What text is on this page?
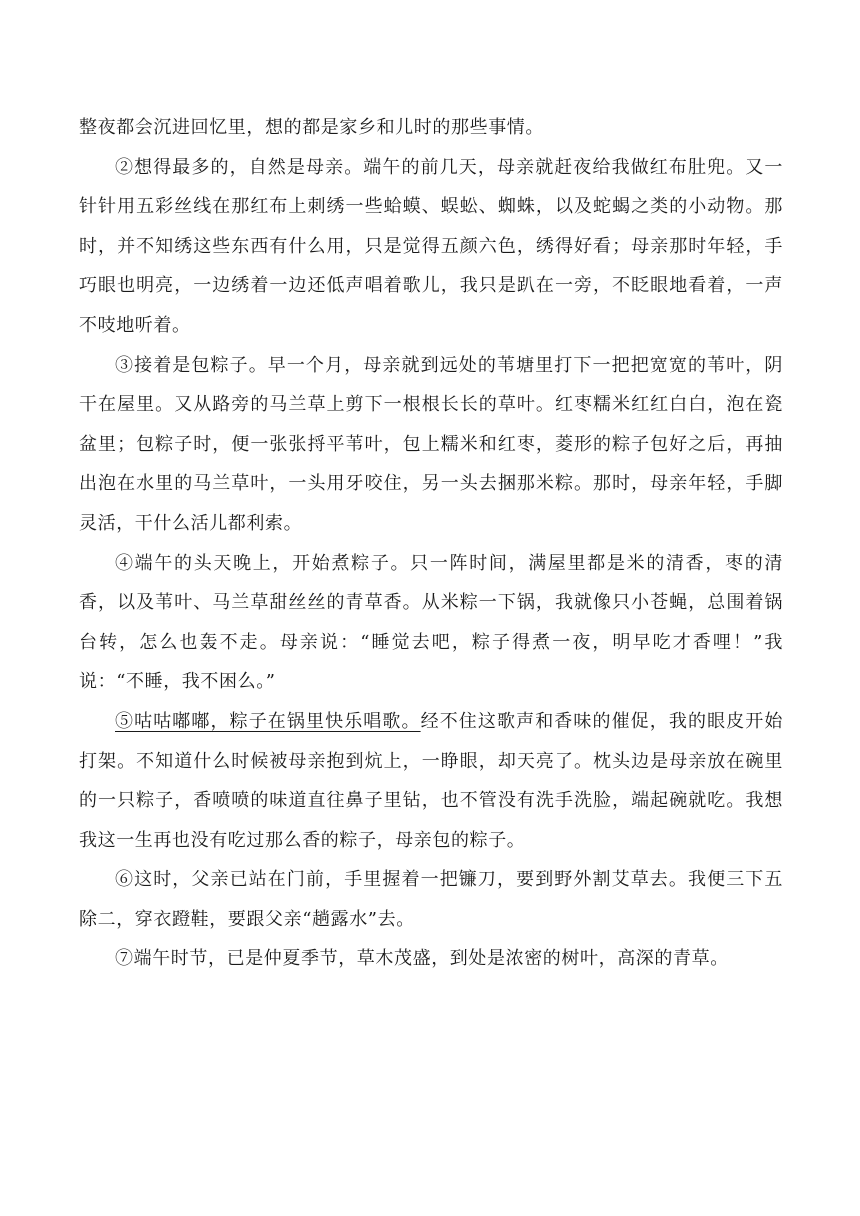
整夜都会沉进回忆里，想的都是家乡和儿时的那些事情。

②想得最多的，自然是母亲。端午的前几天，母亲就赶夜给我做红布肚兜。又一针针用五彩丝线在那红布上刺绣一些蛤蟆、蜈蚣、蜘蛛，以及蛇蝎之类的小动物。那时，并不知绣这些东西有什么用，只是觉得五颜六色，绣得好看；母亲那时年轻，手巧眼也明亮，一边绣着一边还低声唱着歌儿，我只是趴在一旁，不眨眼地看着，一声不吱地听着。

③接着是包粽子。早一个月，母亲就到远处的苇塘里打下一把把宽宽的苇叶，阴干在屋里。又从路旁的马兰草上剪下一根根长长的草叶。红枣糯米红红白白，泡在瓷盆里；包粽子时，便一张张捋平苇叶，包上糯米和红枣，菱形的粽子包好之后，再抽出泡在水里的马兰草叶，一头用牙咬住，另一头去捆那米粽。那时，母亲年轻，手脚灵活，干什么活儿都利索。

④端午的头天晚上，开始煮粽子。只一阵时间，满屋里都是米的清香，枣的清香，以及苇叶、马兰草甜丝丝的青草香。从米粽一下锅，我就像只小苍蝇，总围着锅台转，怎么也轰不走。母亲说：“睡觉去吧，粽子得煮一夜，明早吃才香哩！”我说：“不睡，我不困么。”

⑤咕咕嘟嘟，粽子在锅里快乐唱歌。经不住这歌声和香味的催促，我的眼皮开始打架。不知道什么时候被母亲抱到炕上，一睁眼，却天亮了。枕头边是母亲放在碗里的一只粽子，香喷喷的味道直往鼻子里钻，也不管没有洗手洗脸，端起碗就吃。我想我这一生再也没有吃过那么香的粽子，母亲包的粽子。

⑥这时，父亲已站在门前，手里握着一把镰刀，要到野外割艾草去。我便三下五除二，穿衣蹬鞋，要跟父亲“趟露水”去。

⑦端午时节，已是仲夏季节，草木茂盛，到处是浓密的树叶，高深的青草。
